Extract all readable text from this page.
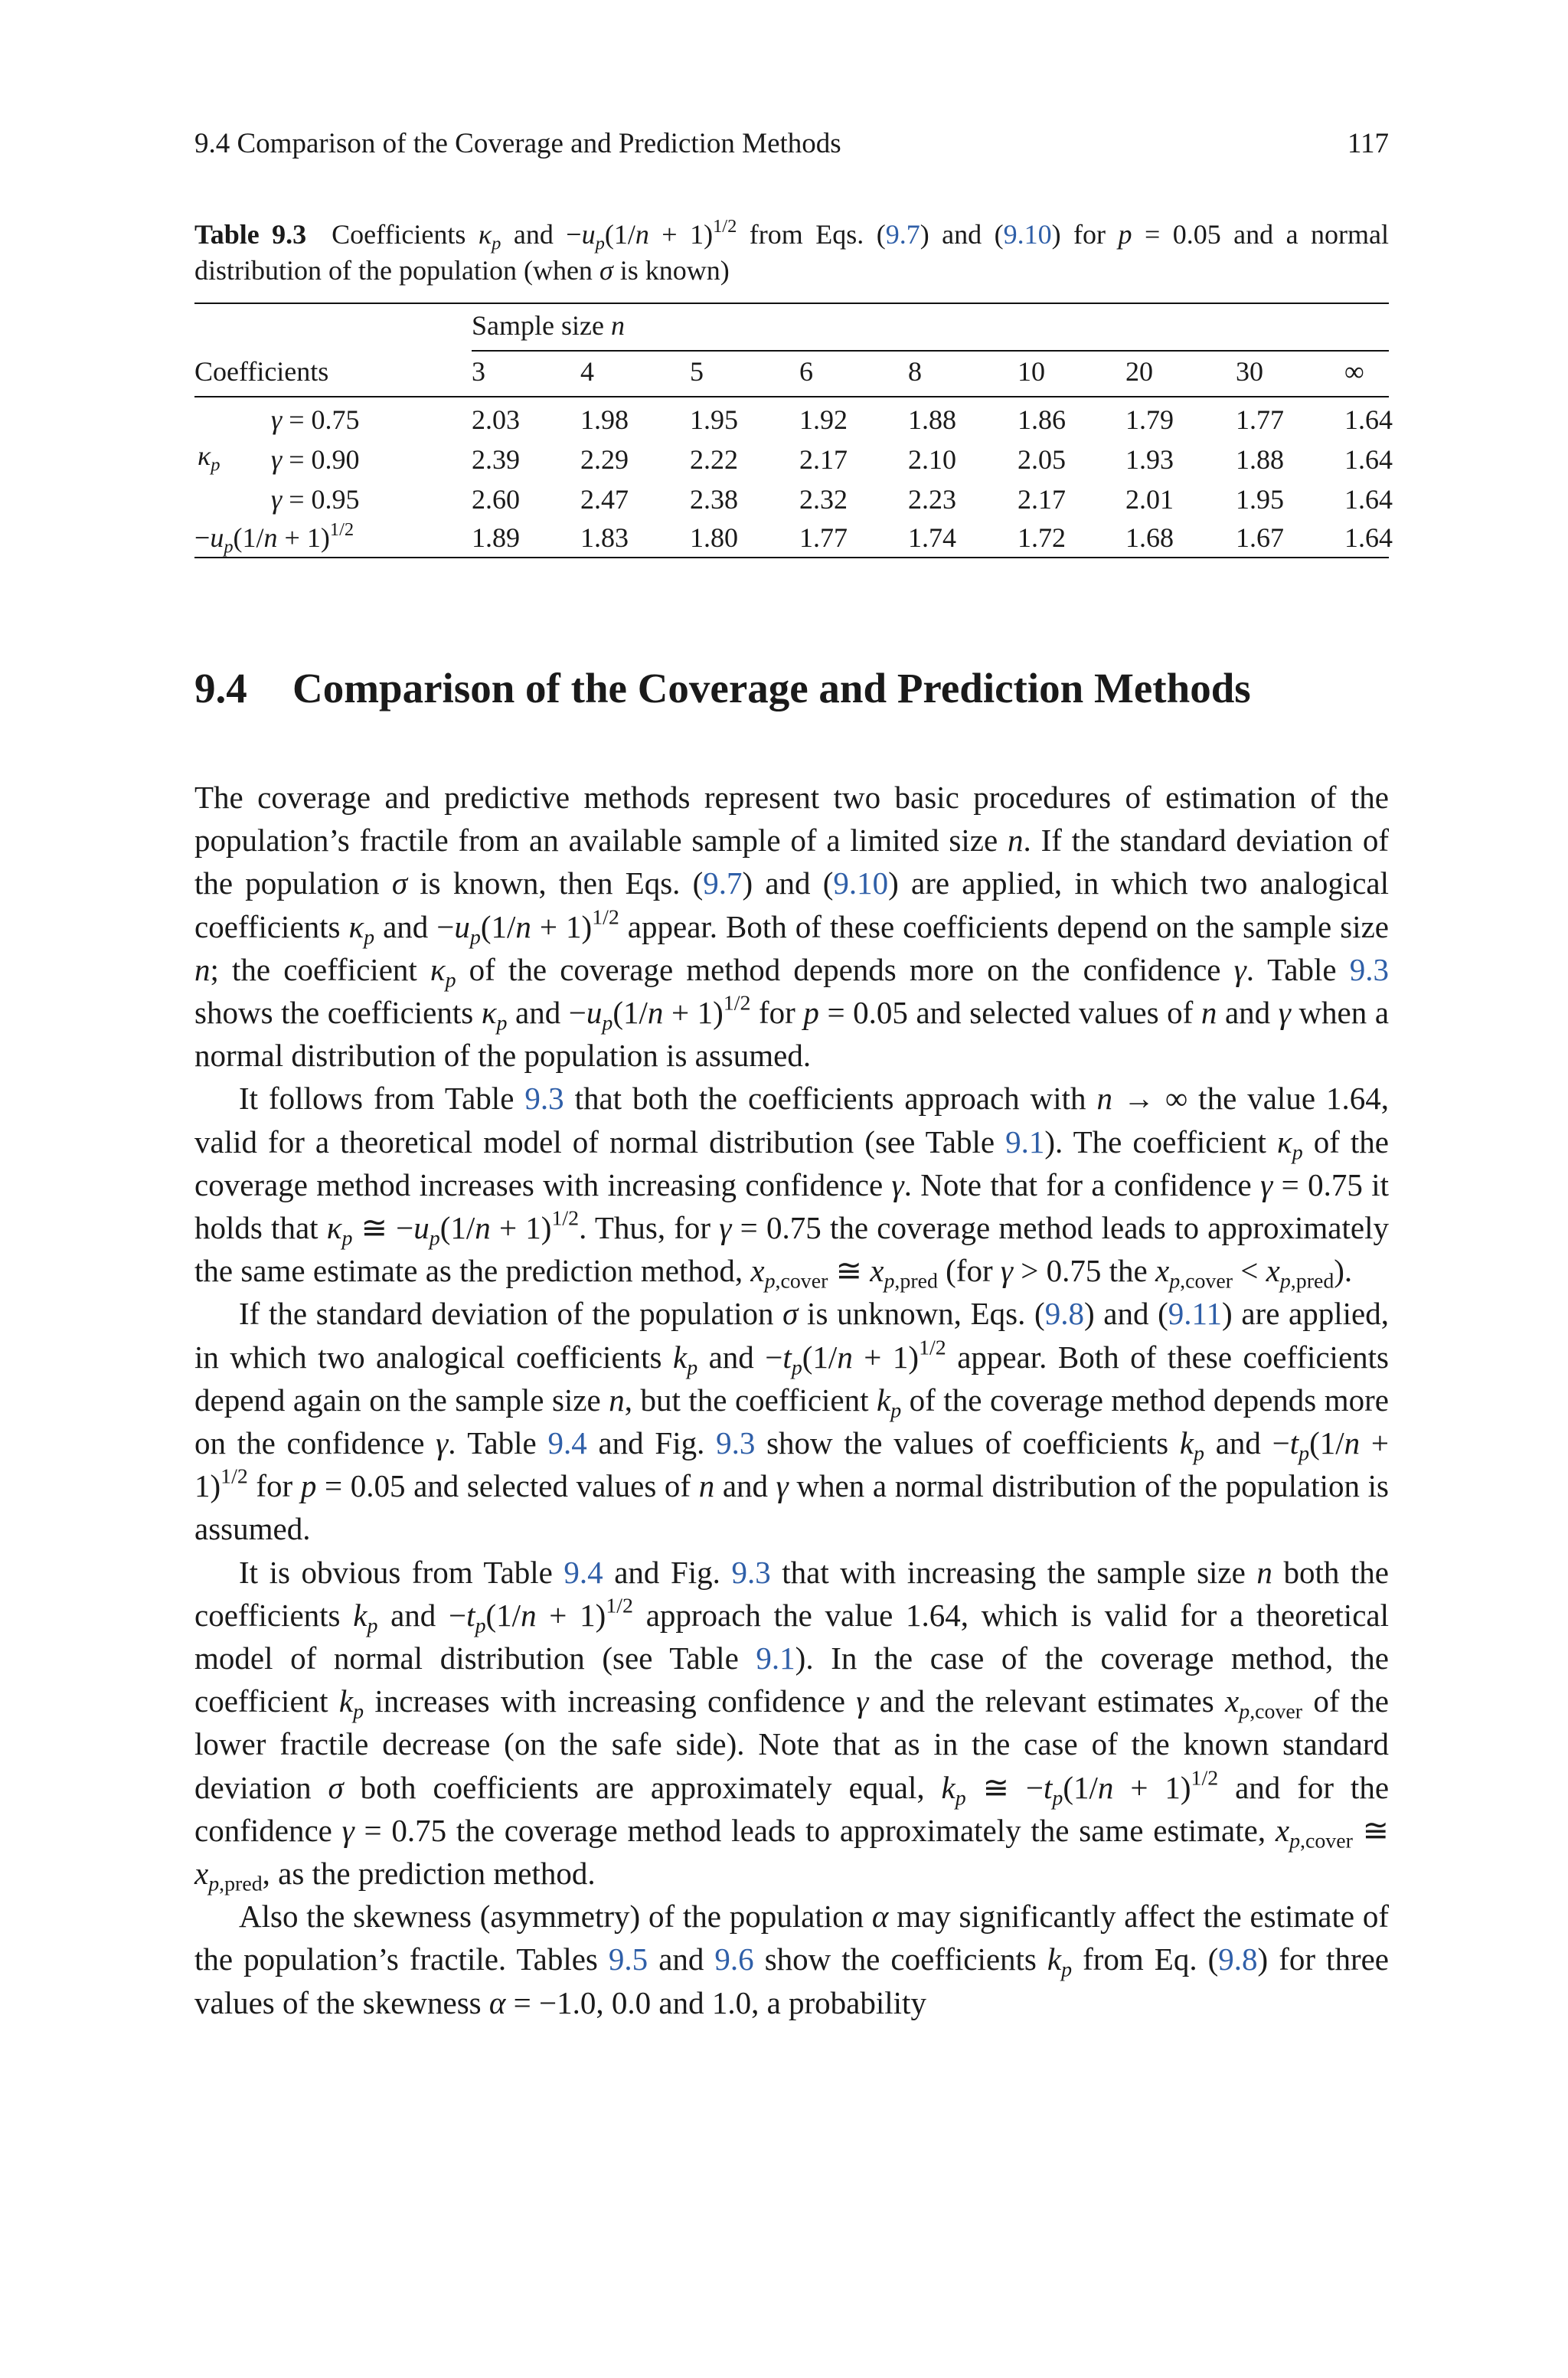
9.4 Comparison of the Coverage and Prediction Methods	117
Table 9.3 Coefficients $\kappa_p$ and $-u_p(1/n + 1)^{1/2}$ from Eqs. (9.7) and (9.10) for p = 0.05 and a normal distribution of the population (when σ is known)
Sample size n
Coefficients
$\kappa_p$
3	4	5	6	8	10	20	30	∞
γ = 0.75	2.03 1.98 1.95 1.92 1.88 1.86 1.79 1.77 1.64
γ = 0.90	2.39 2.29 2.22 2.17 2.10 2.05 1.93 1.88 1.64
γ = 0.95	2.60 2.47 2.38 2.32 2.23 2.17 2.01 1.95 1.64
$-u_p(1/n + 1)^{1/2}$	1.89 1.83 1.80 1.77 1.74 1.72 1.68 1.67 1.64
9.4 Comparison of the Coverage and Prediction Methods

The coverage and predictive methods represent two basic procedures of estimation of the population’s fractile from an available sample of a limited size n. If the standard deviation of the population σ is known, then Eqs. (9.7) and (9.10) are applied, in which two analogical coefficients $\kappa_p$ and $-u_p(1/n + 1)^{1/2}$ appear. Both of these coefficients depend on the sample size n; the coefficient $\kappa_p$ of the coverage method depends more on the confidence γ. Table 9.3 shows the coefficients $\kappa_p$ and $-u_p(1/n + 1)^{1/2}$ for p = 0.05 and selected values of n and γ when a normal distribution of the population is assumed.

It follows from Table 9.3 that both the coefficients approach with n → ∞ the value 1.64, valid for a theoretical model of normal distribution (see Table 9.1). The coefficient $\kappa_p$ of the coverage method increases with increasing confidence γ. Note that for a confidence γ = 0.75 it holds that $\kappa_p$ ≅ $-u_p(1/n + 1)^{1/2}$. Thus, for γ = 0.75 the coverage method leads to approximately the same estimate as the prediction method, $x_{p,cover}$ ≅ $x_{p,pred}$ (for γ > 0.75 the $x_{p,cover} < x_{p,pred}$).

If the standard deviation of the population σ is unknown, Eqs. (9.8) and (9.11) are applied, in which two analogical coefficients $k_p$ and $-t_p(1/n + 1)^{1/2}$ appear. Both of these coefficients depend again on the sample size n, but the coefficient $k_p$ of the coverage method depends more on the confidence γ. Table 9.4 and Fig. 9.3 show the values of coefficients $k_p$ and $-t_p(1/n + 1)^{1/2}$ for p = 0.05 and selected values of n and γ when a normal distribution of the population is assumed.

It is obvious from Table 9.4 and Fig. 9.3 that with increasing the sample size n both the coefficients $k_p$ and $-t_p(1/n + 1)^{1/2}$ approach the value 1.64, which is valid for a theoretical model of normal distribution (see Table 9.1). In the case of the coverage method, the coefficient $k_p$ increases with increasing confidence γ and the relevant estimates $x_{p,cover}$ of the lower fractile decrease (on the safe side). Note that as in the case of the known standard deviation σ both coefficients are approximately equal, $k_p$ ≅ $-t_p(1/n + 1)^{1/2}$ and for the confidence γ = 0.75 the coverage method leads to approximately the same estimate, $x_{p,cover}$ ≅ $x_{p,pred}$, as the prediction method.

Also the skewness (asymmetry) of the population α may significantly affect the estimate of the population’s fractile. Tables 9.5 and 9.6 show the coefficients $k_p$ from Eq. (9.8) for three values of the skewness α = −1.0, 0.0 and 1.0, a probability
